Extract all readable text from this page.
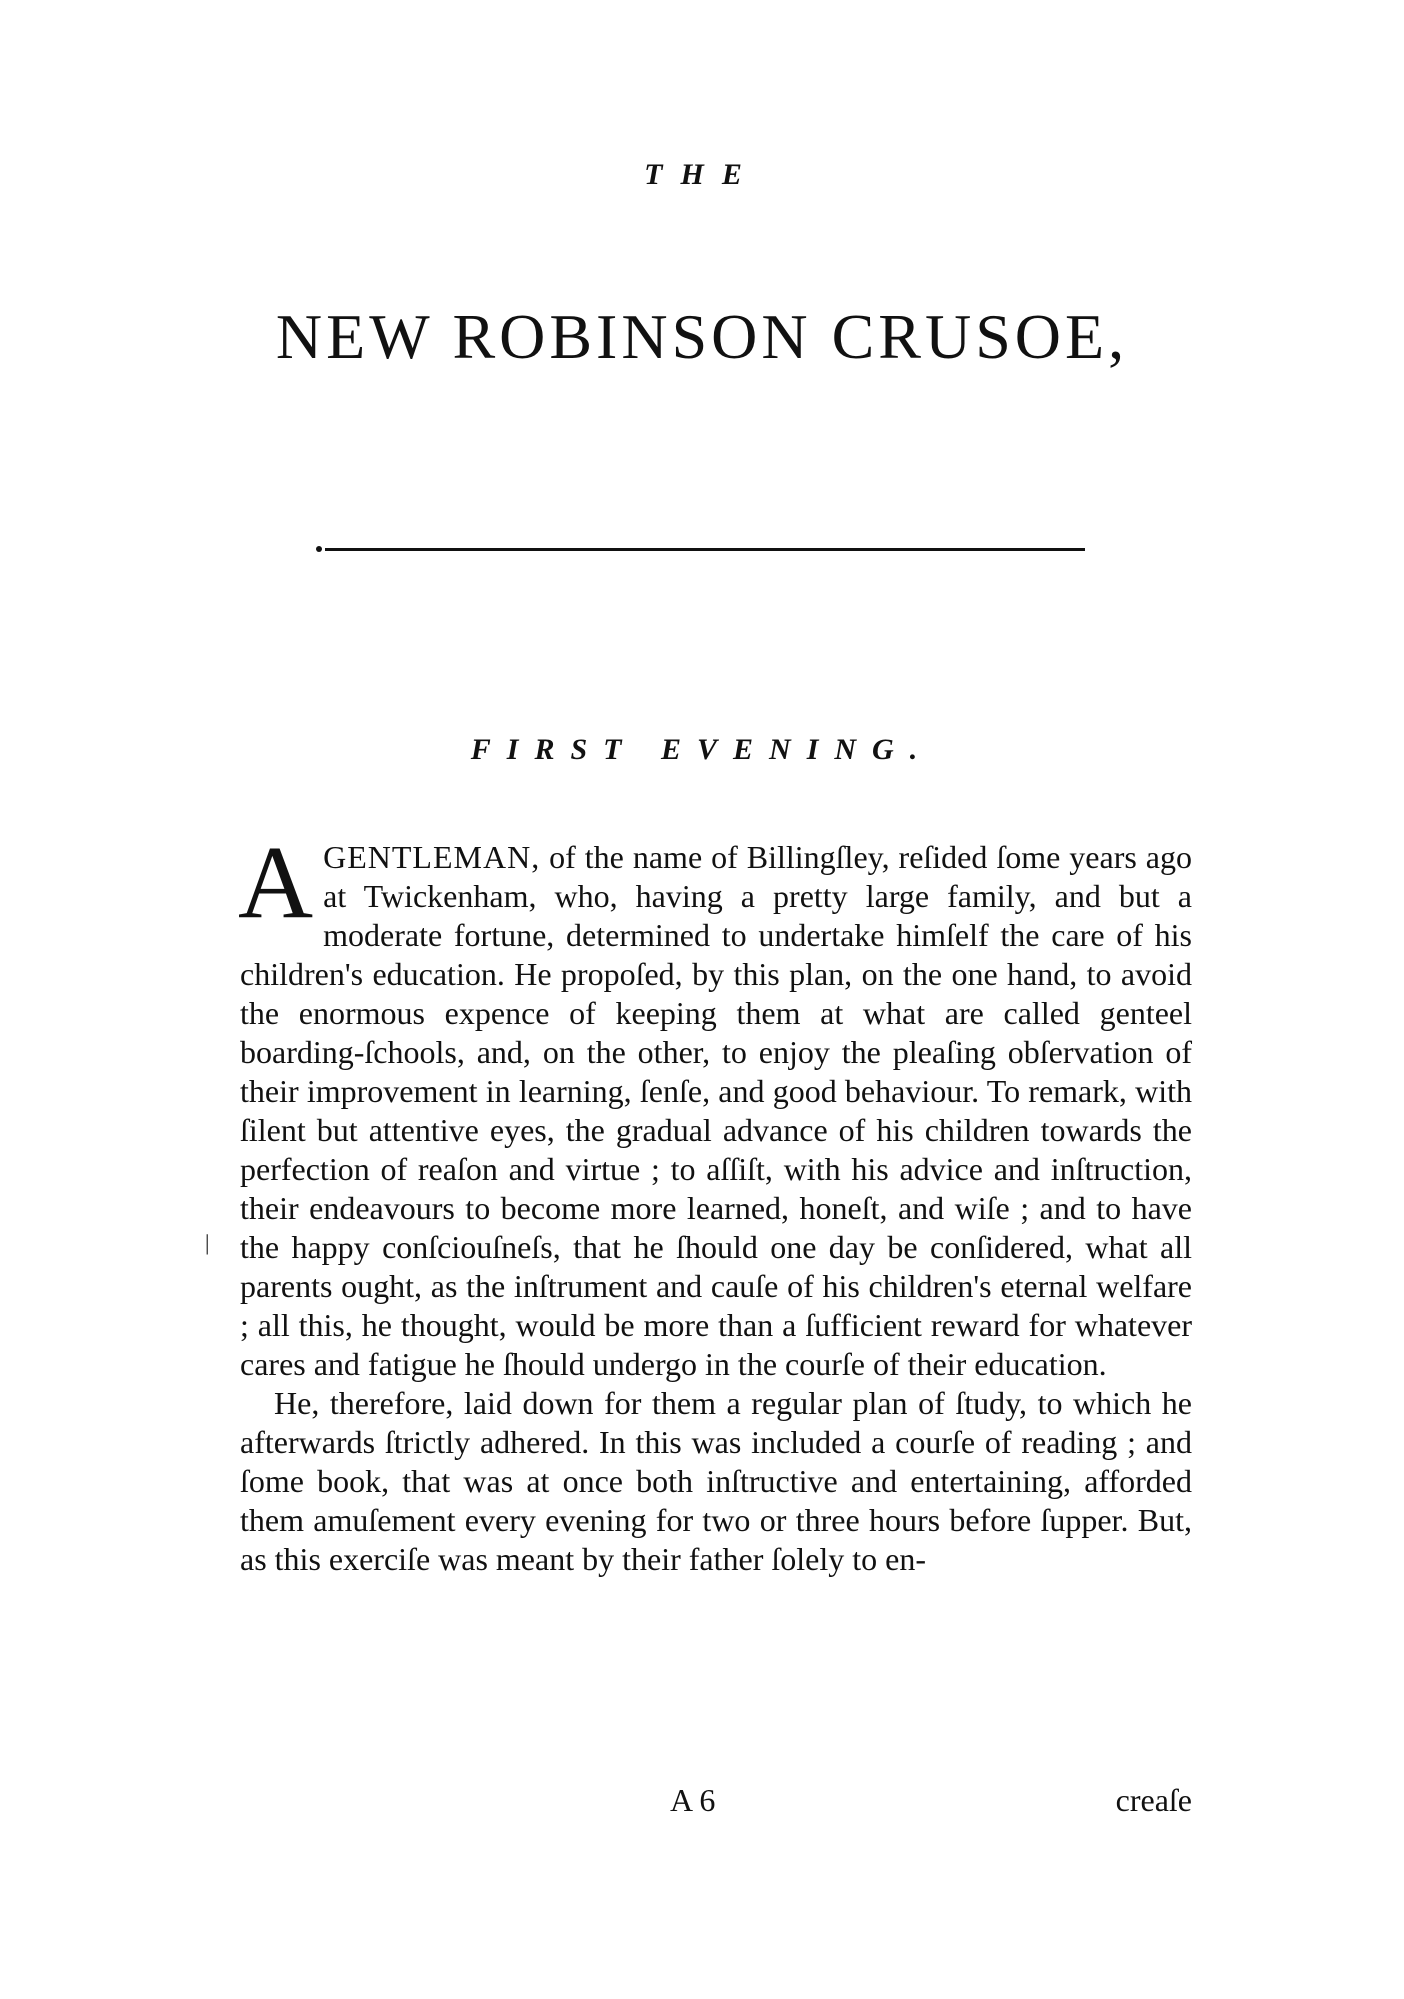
THE
NEW ROBINSON CRUSOE,
FIRST EVENING.
|

AGENTLEMAN, of the name of Billingſley, reſided ſome years ago at Twickenham, who, having a pretty large family, and but a moderate fortune, determined to undertake himſelf the care of his children's education. He propoſed, by this plan, on the one hand, to avoid the enormous expence of keeping them at what are called genteel boarding-ſchools, and, on the other, to enjoy the pleaſing obſervation of their improvement in learning, ſenſe, and good behaviour. To remark, with ſilent but attentive eyes, the gradual advance of his children towards the perfection of reaſon and virtue ; to aſſiſt, with his advice and inſtruction, their endeavours to become more learned, honeſt, and wiſe ; and to have the happy conſciouſneſs, that he ſhould one day be conſidered, what all parents ought, as the inſtrument and cauſe of his children's eternal welfare ; all this, he thought, would be more than a ſufficient reward for whatever cares and fatigue he ſhould undergo in the courſe of their education.

He, therefore, laid down for them a regular plan of ſtudy, to which he afterwards ſtrictly adhered. In this was included a courſe of reading ; and ſome book, that was at once both inſtructive and entertaining, afforded them amuſement every evening for two or three hours before ſupper. But, as this exerciſe was meant by their father ſolely to en-

A 6	creaſe
